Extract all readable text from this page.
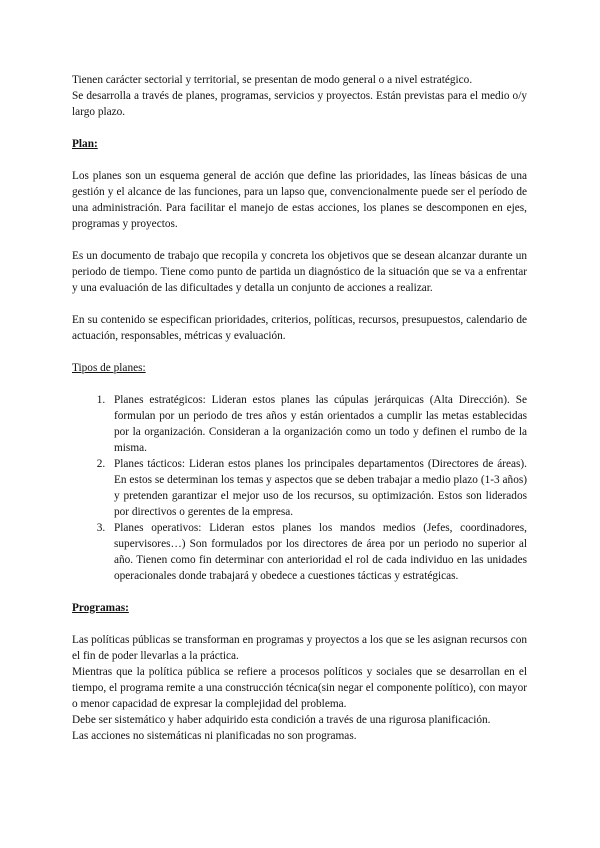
Tienen carácter sectorial y territorial, se presentan de modo general o a nivel estratégico.

Se desarrolla a través de planes, programas, servicios y proyectos. Están previstas para el medio o/y largo plazo.

Plan:

Los planes son un esquema general de acción que define las prioridades, las líneas básicas de una gestión y el alcance de las funciones, para un lapso que, convencionalmente puede ser el período de una administración. Para facilitar el manejo de estas acciones, los planes se descomponen en ejes, programas y proyectos.

Es un documento de trabajo que recopila y concreta los objetivos que se desean alcanzar durante un periodo de tiempo. Tiene como punto de partida un diagnóstico de la situación que se va a enfrentar y una evaluación de las dificultades y detalla un conjunto de acciones a realizar.

En su contenido se especifican prioridades, criterios, políticas, recursos, presupuestos, calendario de actuación, responsables, métricas y evaluación.

Tipos de planes:

1. Planes estratégicos: Lideran estos planes las cúpulas jerárquicas (Alta Dirección). Se formulan por un periodo de tres años y están orientados a cumplir las metas establecidas por la organización. Consideran a la organización como un todo y definen el rumbo de la misma.
2. Planes tácticos: Lideran estos planes los principales departamentos (Directores de áreas). En estos se determinan los temas y aspectos que se deben trabajar a medio plazo (1-3 años) y pretenden garantizar el mejor uso de los recursos, su optimización. Estos son liderados por directivos o gerentes de la empresa.
3. Planes operativos: Lideran estos planes los mandos medios (Jefes, coordinadores, supervisores…) Son formulados por los directores de área por un periodo no superior al año. Tienen como fin determinar con anterioridad el rol de cada individuo en las unidades operacionales donde trabajará y obedece a cuestiones tácticas y estratégicas.

Programas:

Las políticas públicas se transforman en programas y proyectos a los que se les asignan recursos con el fin de poder llevarlas a la práctica.

Mientras que la política pública se refiere a procesos políticos y sociales que se desarrollan en el tiempo, el programa remite a una construcción técnica(sin negar el componente político), con mayor o menor capacidad de expresar la complejidad del problema.

Debe ser sistemático y haber adquirido esta condición a través de una rigurosa planificación.

Las acciones no sistemáticas ni planificadas no son programas.
